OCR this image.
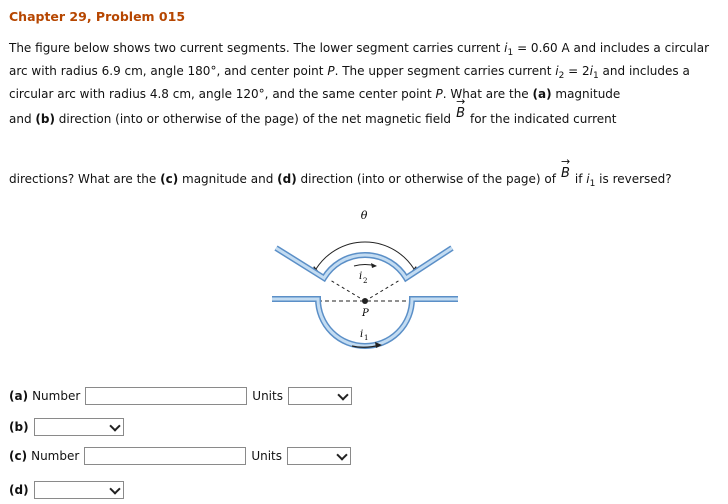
Chapter 29, Problem 015
The figure below shows two current segments. The lower segment carries current $i_1 = 0.60$ A and includes a circular arc with radius 6.9 cm, angle 180°, and center point P. The upper segment carries current $i_2 = 2i_1$ and includes a circular arc with radius 4.8 cm, angle 120°, and the same center point P. What are the (a) magnitude
and (b) direction (into or otherwise of the page) of the net magnetic field → B for the indicated current
directions? What are the (c) magnitude and (d) direction (into or otherwise of the page) of → B if $i_1$ is reversed?
θ
i 2
P
i 1
(a) Number	Units
(b)
(c) Number	Units
(d)
